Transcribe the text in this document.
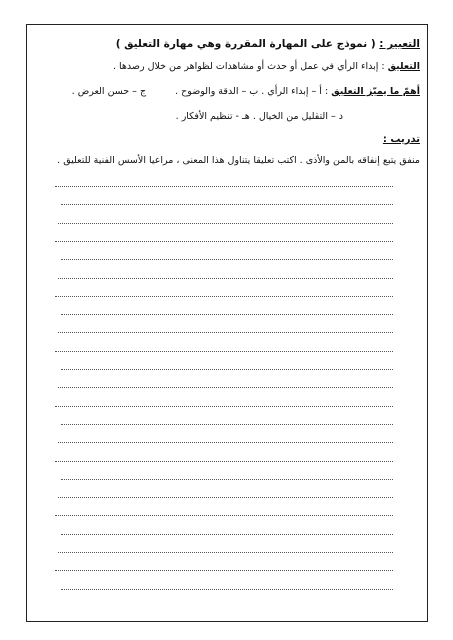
التعبير : ( نموذج على المهارة المقررة وهي مهارة التعليق )
التعليق : إبداء الرأي في عمل أو حدث أو مشاهدات لظواهر من خلال رصدها .
أهمّ ما يميّز التعليق : أ – إبداء الرأي . ب – الدقة والوضوح . ج – حسن العرض .
د – التقليل من الخيال . هـ - تنظيم الأفكار .
تدريب :
منفق يتبع إنفاقه بالمن والأذى . اكتب تعليقا يتناول هذا المعنى ، مراعيا الأسس الفنية للتعليق .
